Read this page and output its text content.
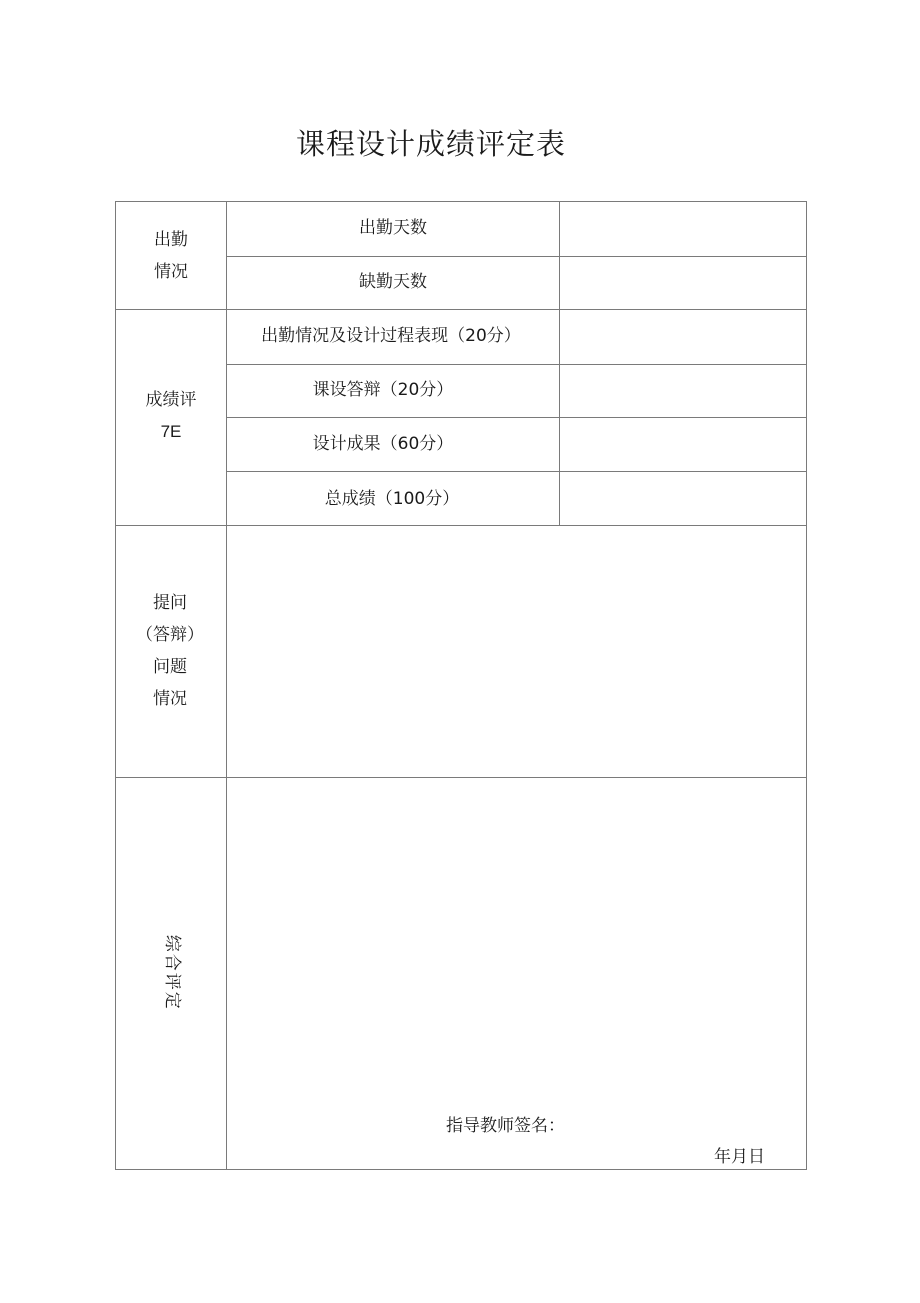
课程设计成绩评定表
出勤
情况
出勤天数
缺勤天数
成绩评
7E
出勤情况及设计过程表现（20分）
课设答辩（20分）
设计成果（60分）
总成绩（100分）
提问
（答辩）
问题
情况
综合评定
指导教师签名：
年月日
